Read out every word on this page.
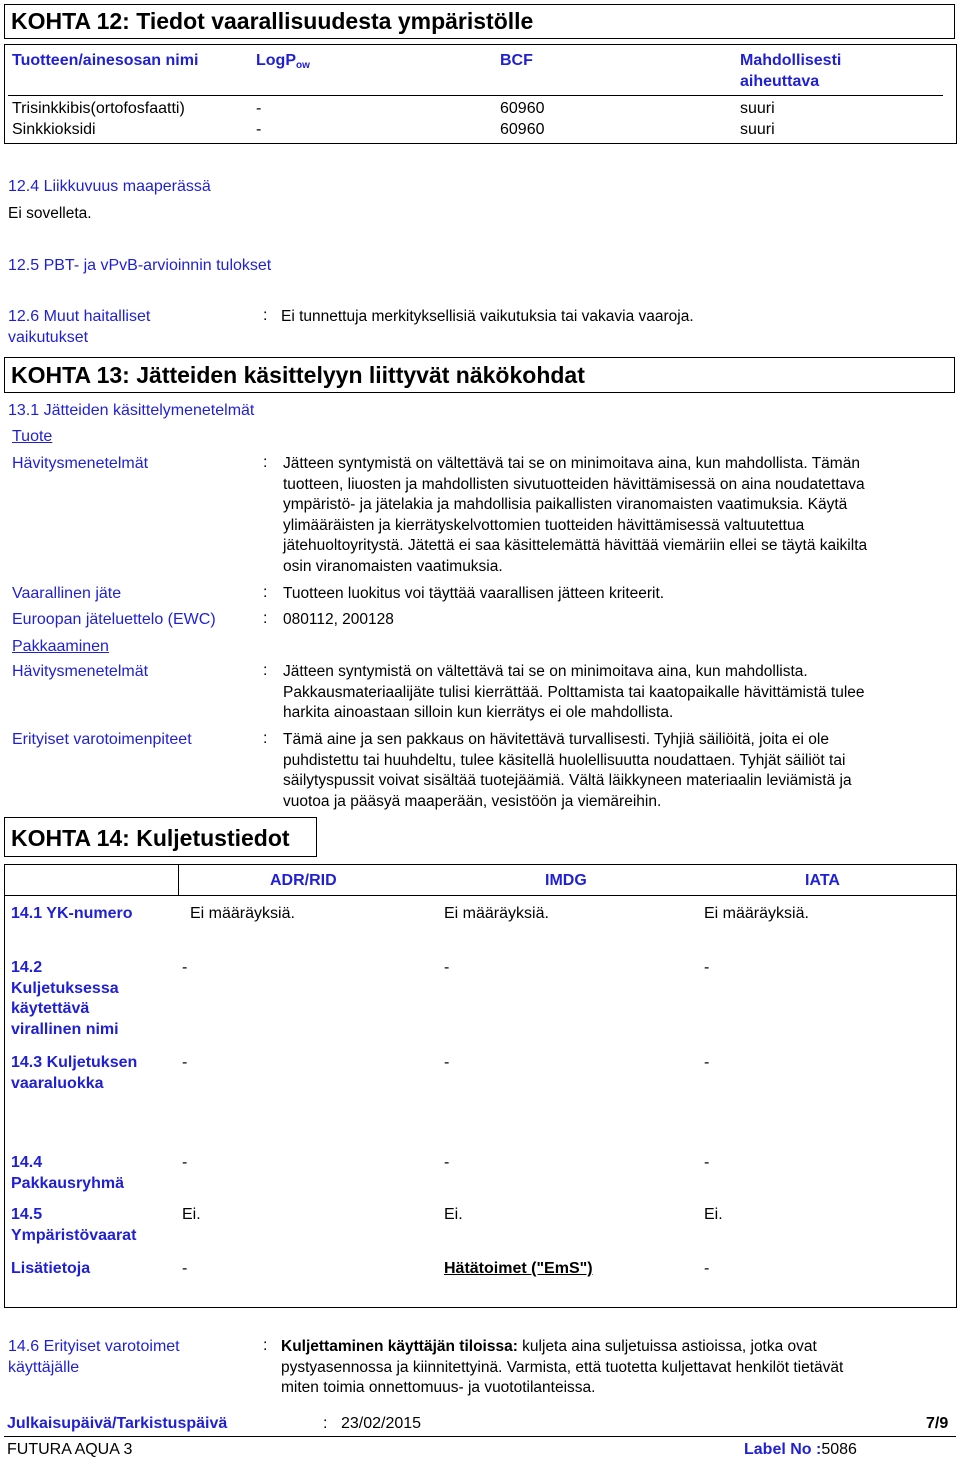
KOHTA 12: Tiedot vaarallisuudesta ympäristölle
Tuotteen/ainesosan nimi	LogPow	BCF	Mahdollisesti
aiheuttava
Trisinkkibis(ortofosfaatti)	-	60960	suuri
Sinkkioksidi	-	60960	suuri
12.4 Liikkuvuus maaperässä
Ei sovelleta.
12.5 PBT- ja vPvB-arvioinnin tulokset
12.6 Muut haitalliset
vaikutukset
: Ei tunnettuja merkityksellisiä vaikutuksia tai vakavia vaaroja.
KOHTA 13: Jätteiden käsittelyyn liittyvät näkökohdat
13.1 Jätteiden käsittelymenetelmät
Tuote
Hävitysmenetelmät	: Jätteen syntymistä on vältettävä tai se on minimoitava aina, kun mahdollista. Tämän
tuotteen, liuosten ja mahdollisten sivutuotteiden hävittämisessä on aina noudatettava
ympäristö- ja jätelakia ja mahdollisia paikallisten viranomaisten vaatimuksia. Käytä
ylimääräisten ja kierrätyskelvottomien tuotteiden hävittämisessä valtuutettua
jätehuoltoyritystä. Jätettä ei saa käsittelemättä hävittää viemäriin ellei se täytä kaikilta
osin viranomaisten vaatimuksia.
Vaarallinen jäte	: Tuotteen luokitus voi täyttää vaarallisen jätteen kriteerit.
Euroopan jäteluettelo (EWC)	: 080112, 200128
Pakkaaminen
Hävitysmenetelmät	: Jätteen syntymistä on vältettävä tai se on minimoitava aina, kun mahdollista.
Pakkausmateriaalijäte tulisi kierrättää. Polttamista tai kaatopaikalle hävittämistä tulee
harkita ainoastaan silloin kun kierrätys ei ole mahdollista.
Erityiset varotoimenpiteet	: Tämä aine ja sen pakkaus on hävitettävä turvallisesti. Tyhjiä säiliöitä, joita ei ole
puhdistettu tai huuhdeltu, tulee käsitellä huolellisuutta noudattaen. Tyhjät säiliöt tai
säilytyspussit voivat sisältää tuotejäämiä. Vältä läikkyneen materiaalin leviämistä ja
vuotoa ja pääsyä maaperään, vesistöön ja viemäreihin.
KOHTA 14: Kuljetustiedot
ADR/RID	IMDG	IATA
14.1 YK-numero	Ei määräyksiä.	Ei määräyksiä.	Ei määräyksiä.
14.2
Kuljetuksessa
käytettävä
virallinen nimi
-	-	-
14.3 Kuljetuksen
vaaraluokka
-	-	-
14.4
Pakkausryhmä
-	-	-
14.5
Ympäristövaarat
Ei.	Ei.	Ei.
Lisätietoja	-	Hätätoimet ("EmS")	-
14.6 Erityiset varotoimet
käyttäjälle
: Kuljettaminen käyttäjän tiloissa: kuljeta aina suljetuissa astioissa, jotka ovat
pystyasennossa ja kiinnitettyinä. Varmista, että tuotetta kuljettavat henkilöt tietävät
miten toimia onnettomuus- ja vuototilanteissa.
Julkaisupäivä/Tarkistuspäivä	: 23/02/2015	7/9
FUTURA AQUA 3	Label No :5086
